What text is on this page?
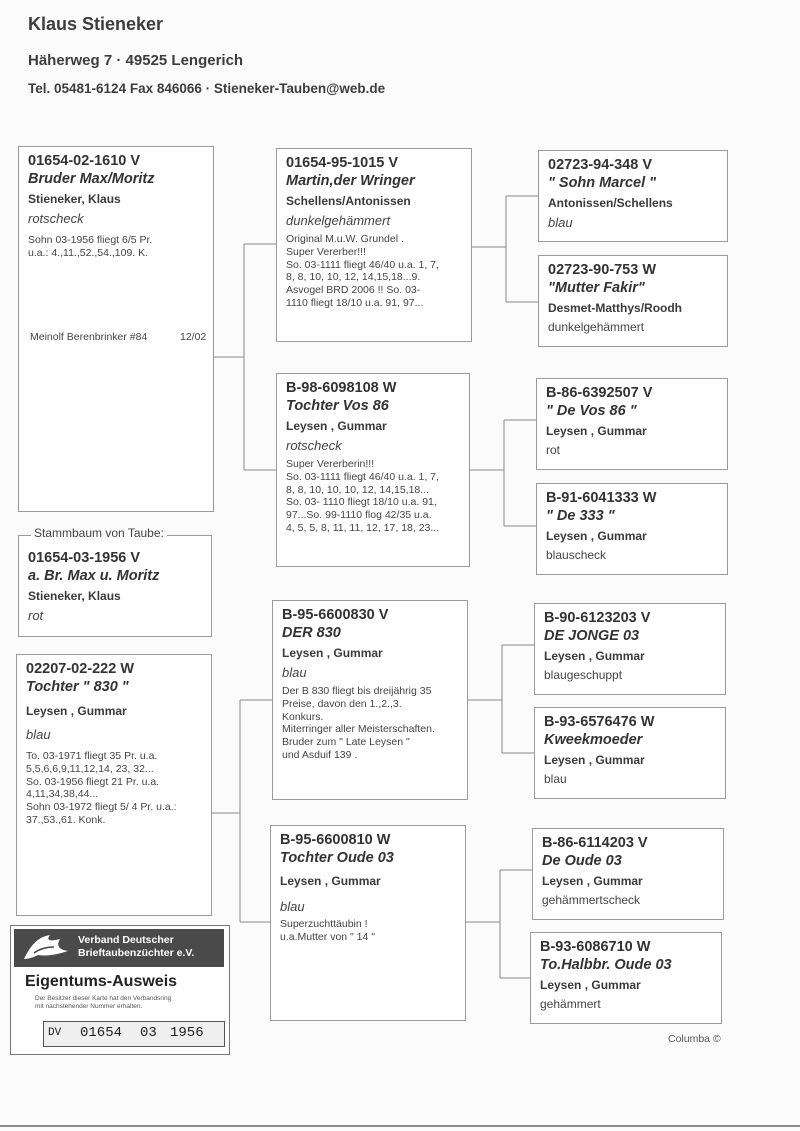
Klaus Stieneker
Häherweg 7 · 49525 Lengerich
Tel. 05481-6124 Fax 846066 · Stieneker-Tauben@web.de
01654-02-1610 V
Bruder Max/Moritz
Stieneker, Klaus
rotscheck
Sohn 03-1956 fliegt 6/5 Pr.
u.a.: 4.,11.,52.,54.,109. K.
Meinolf Berenbrinker #84	12/02
01654-03-1956 V
a. Br. Max u. Moritz
Stieneker, Klaus
rot
Stammbaum von Taube:
02207-02-222 W
Tochter " 830 "
Leysen , Gummar
blau
To. 03-1971 fliegt 35 Pr. u.a.
5,5,6,6,9,11,12,14, 23, 32...
So. 03-1956 fliegt 21 Pr. u.a.
4,11,34,38,44...
Sohn 03-1972 fliegt 5/ 4 Pr. u.a.:
37.,53.,61. Konk.
01654-95-1015 V
Martin,der Wringer
Schellens/Antonissen
dunkelgehämmert
Original M.u.W. Grundel .
Super Vererber!!!
So. 03-1111 fliegt 46/40 u.a. 1, 7,
8, 8, 10, 10, 12, 14,15,18...9.
Asvogel BRD 2006 !! So. 03-
1110 fliegt 18/10 u.a. 91, 97...
B-98-6098108 W
Tochter Vos 86
Leysen , Gummar
rotscheck
Super Vererberin!!!
So. 03-1111 fliegt 46/40 u.a. 1, 7,
8, 8, 10, 10, 10, 12, 14,15,18...
So. 03- 1110 fliegt 18/10 u.a. 91,
97...So. 99-1110 flog 42/35 u.a.
4, 5, 5, 8, 11, 11, 12, 17, 18, 23...
B-95-6600830 V
DER 830
Leysen , Gummar
blau
Der B 830 fliegt bis dreijährig 35
Preise, davon den 1.,2.,3.
Konkurs.
Miterringer aller Meisterschaften.
Bruder zum " Late Leysen "
und Asduif 139 .
B-95-6600810 W
Tochter Oude 03
Leysen , Gummar
blau
Superzuchttäubin !
u.a.Mutter von " 14 "
02723-94-348 V
" Sohn Marcel "
Antonissen/Schellens
blau
02723-90-753 W
"Mutter Fakir"
Desmet-Matthys/Roodh
dunkelgehämmert
B-86-6392507 V
" De Vos 86 "
Leysen , Gummar
rot
B-91-6041333 W
" De 333 "
Leysen , Gummar
blauscheck
B-90-6123203 V
DE JONGE 03
Leysen , Gummar
blaugeschuppt
B-93-6576476 W
Kweekmoeder
Leysen , Gummar
blau
B-86-6114203 V
De Oude 03
Leysen , Gummar
gehämmertscheck
B-93-6086710 W
To.Halbbr. Oude 03
Leysen , Gummar
gehämmert
Verband Deutscher
Brieftaubenzüchter e.V.
Eigentums-Ausweis
Der Besitzer dieser Karte hat den Verbandsring
mit nachstehender Nummer erhalten.
DV 01654 03 1956	Columba ©
